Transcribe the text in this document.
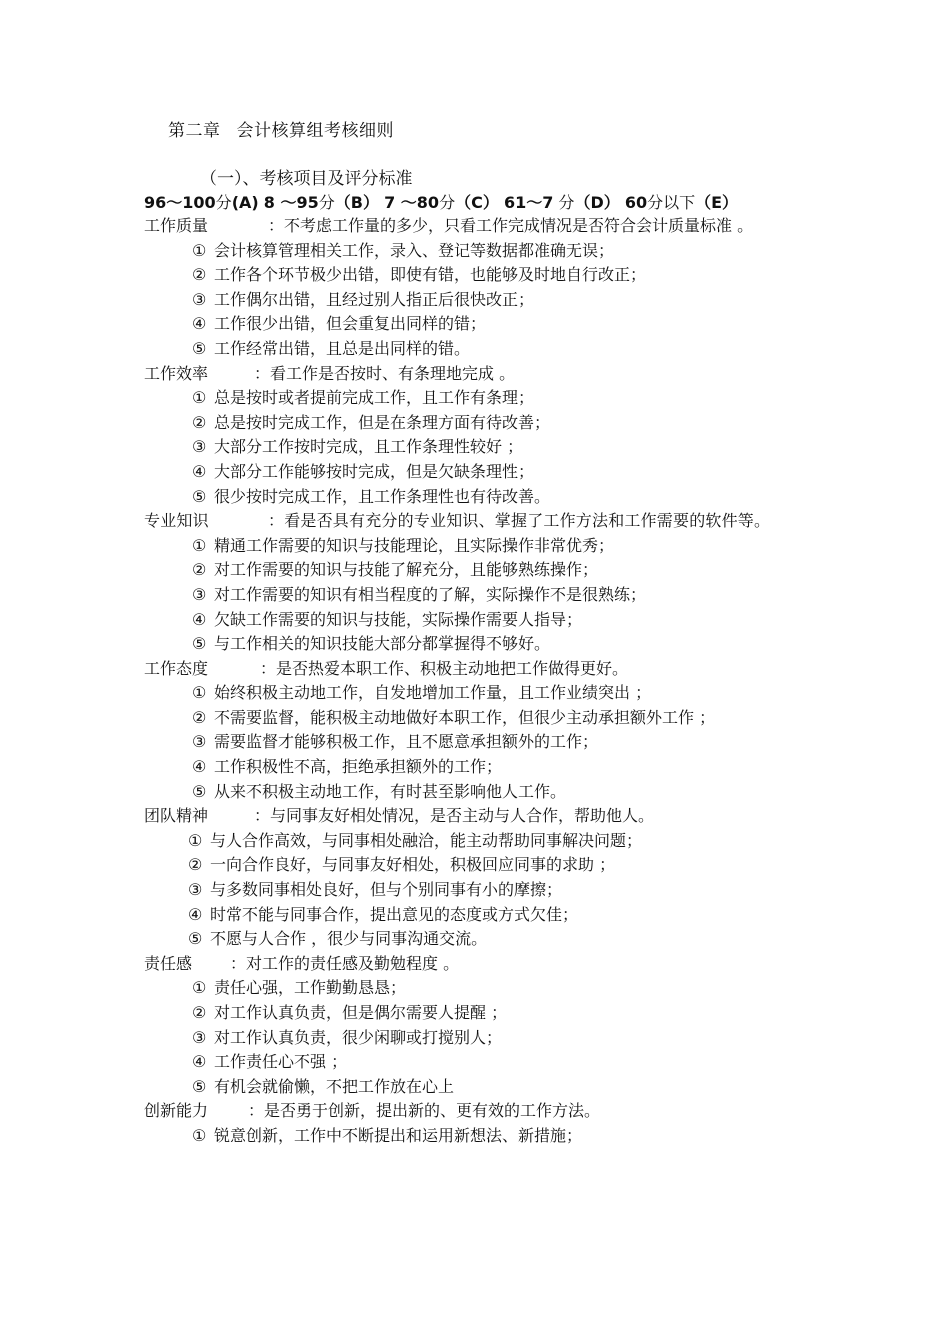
第二章 会计核算组考核细则
（一）、考核项目及评分标准
96～100分(A) 8 ～95分（B） 7 ～80分（C） 61～7 分（D） 60分以下（E）
工作质量	：不考虑工作量的多少，只看工作完成情况是否符合会计质量标准 。
① 会计核算管理相关工作，录入、登记等数据都准确无误；
② 工作各个环节极少出错，即使有错，也能够及时地自行改正；
③ 工作偶尔出错，且经过别人指正后很快改正；
④ 工作很少出错，但会重复出同样的错；
⑤ 工作经常出错，且总是出同样的错。
工作效率	：看工作是否按时、有条理地完成 。
① 总是按时或者提前完成工作，且工作有条理；
② 总是按时完成工作，但是在条理方面有待改善；
③ 大部分工作按时完成，且工作条理性较好 ；
④ 大部分工作能够按时完成，但是欠缺条理性；
⑤ 很少按时完成工作，且工作条理性也有待改善。
专业知识	：看是否具有充分的专业知识、掌握了工作方法和工作需要的软件等。
① 精通工作需要的知识与技能理论，且实际操作非常优秀；
② 对工作需要的知识与技能了解充分，且能够熟练操作；
③ 对工作需要的知识有相当程度的了解，实际操作不是很熟练；
④ 欠缺工作需要的知识与技能，实际操作需要人指导；
⑤ 与工作相关的知识技能大部分都掌握得不够好。
工作态度	：是否热爱本职工作、积极主动地把工作做得更好。
① 始终积极主动地工作，自发地增加工作量，且工作业绩突出 ；
② 不需要监督，能积极主动地做好本职工作，但很少主动承担额外工作 ；
③ 需要监督才能够积极工作，且不愿意承担额外的工作；
④ 工作积极性不高，拒绝承担额外的工作；
⑤ 从来不积极主动地工作，有时甚至影响他人工作。
团队精神	：与同事友好相处情况，是否主动与人合作，帮助他人。
① 与人合作高效，与同事相处融洽，能主动帮助同事解决问题；
② 一向合作良好，与同事友好相处，积极回应同事的求助 ；
③ 与多数同事相处良好，但与个别同事有小的摩擦；
④ 时常不能与同事合作，提出意见的态度或方式欠佳；
⑤ 不愿与人合作 ，很少与同事沟通交流。
责任感 ：对工作的责任感及勤勉程度 。
① 责任心强，工作勤勤恳恳；
② 对工作认真负责，但是偶尔需要人提醒 ；
③ 对工作认真负责，很少闲聊或打搅别人；
④ 工作责任心不强 ；
⑤ 有机会就偷懒，不把工作放在心上
创新能力 ：是否勇于创新，提出新的、更有效的工作方法。
① 锐意创新，工作中不断提出和运用新想法、新措施；
